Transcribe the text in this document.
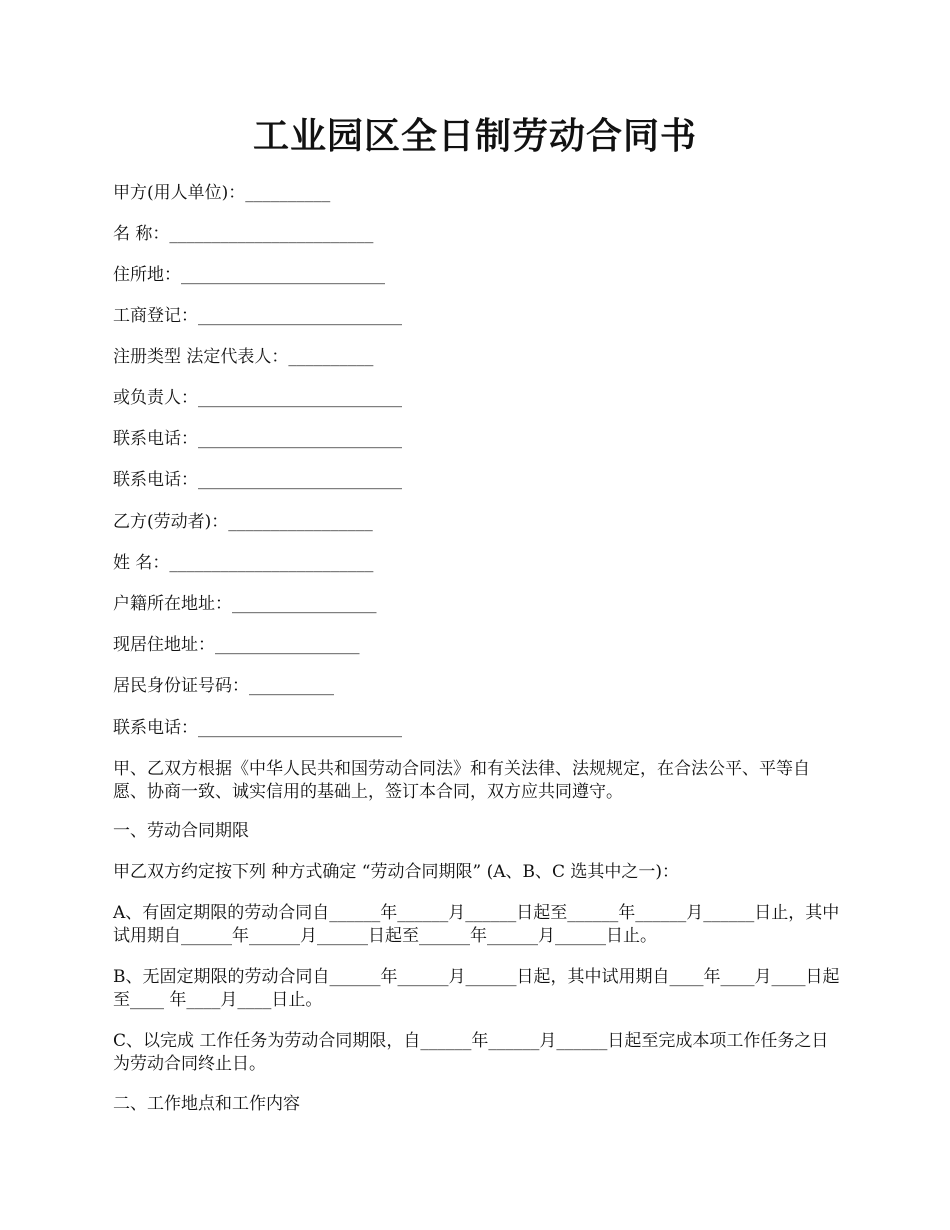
工业园区全日制劳动合同书
甲方(用人单位)：__________
名 称：________________________
住所地：________________________
工商登记：________________________
注册类型 法定代表人：__________
或负责人：________________________
联系电话：________________________
联系电话：________________________
乙方(劳动者)：_________________
姓 名：________________________
户籍所在地址：_________________
现居住地址：_________________
居民身份证号码：__________
联系电话：________________________
甲、乙双方根据《中华人民共和国劳动合同法》和有关法律、法规规定，在合法公平、平等自愿、协商一致、诚实信用的基础上，签订本合同，双方应共同遵守。
一、劳动合同期限
甲乙双方约定按下列 种方式确定 “劳动合同期限” (A、B、C 选其中之一)：
A、有固定期限的劳动合同自______年______月______日起至______年______月______日止，其中试用期自______年______月______日起至______年______月______日止。
B、无固定期限的劳动合同自______年______月______日起，其中试用期自____年____月____日起至____ 年____月____日止。
C、以完成 工作任务为劳动合同期限，自______年______月______日起至完成本项工作任务之日为劳动合同终止日。
二、工作地点和工作内容
